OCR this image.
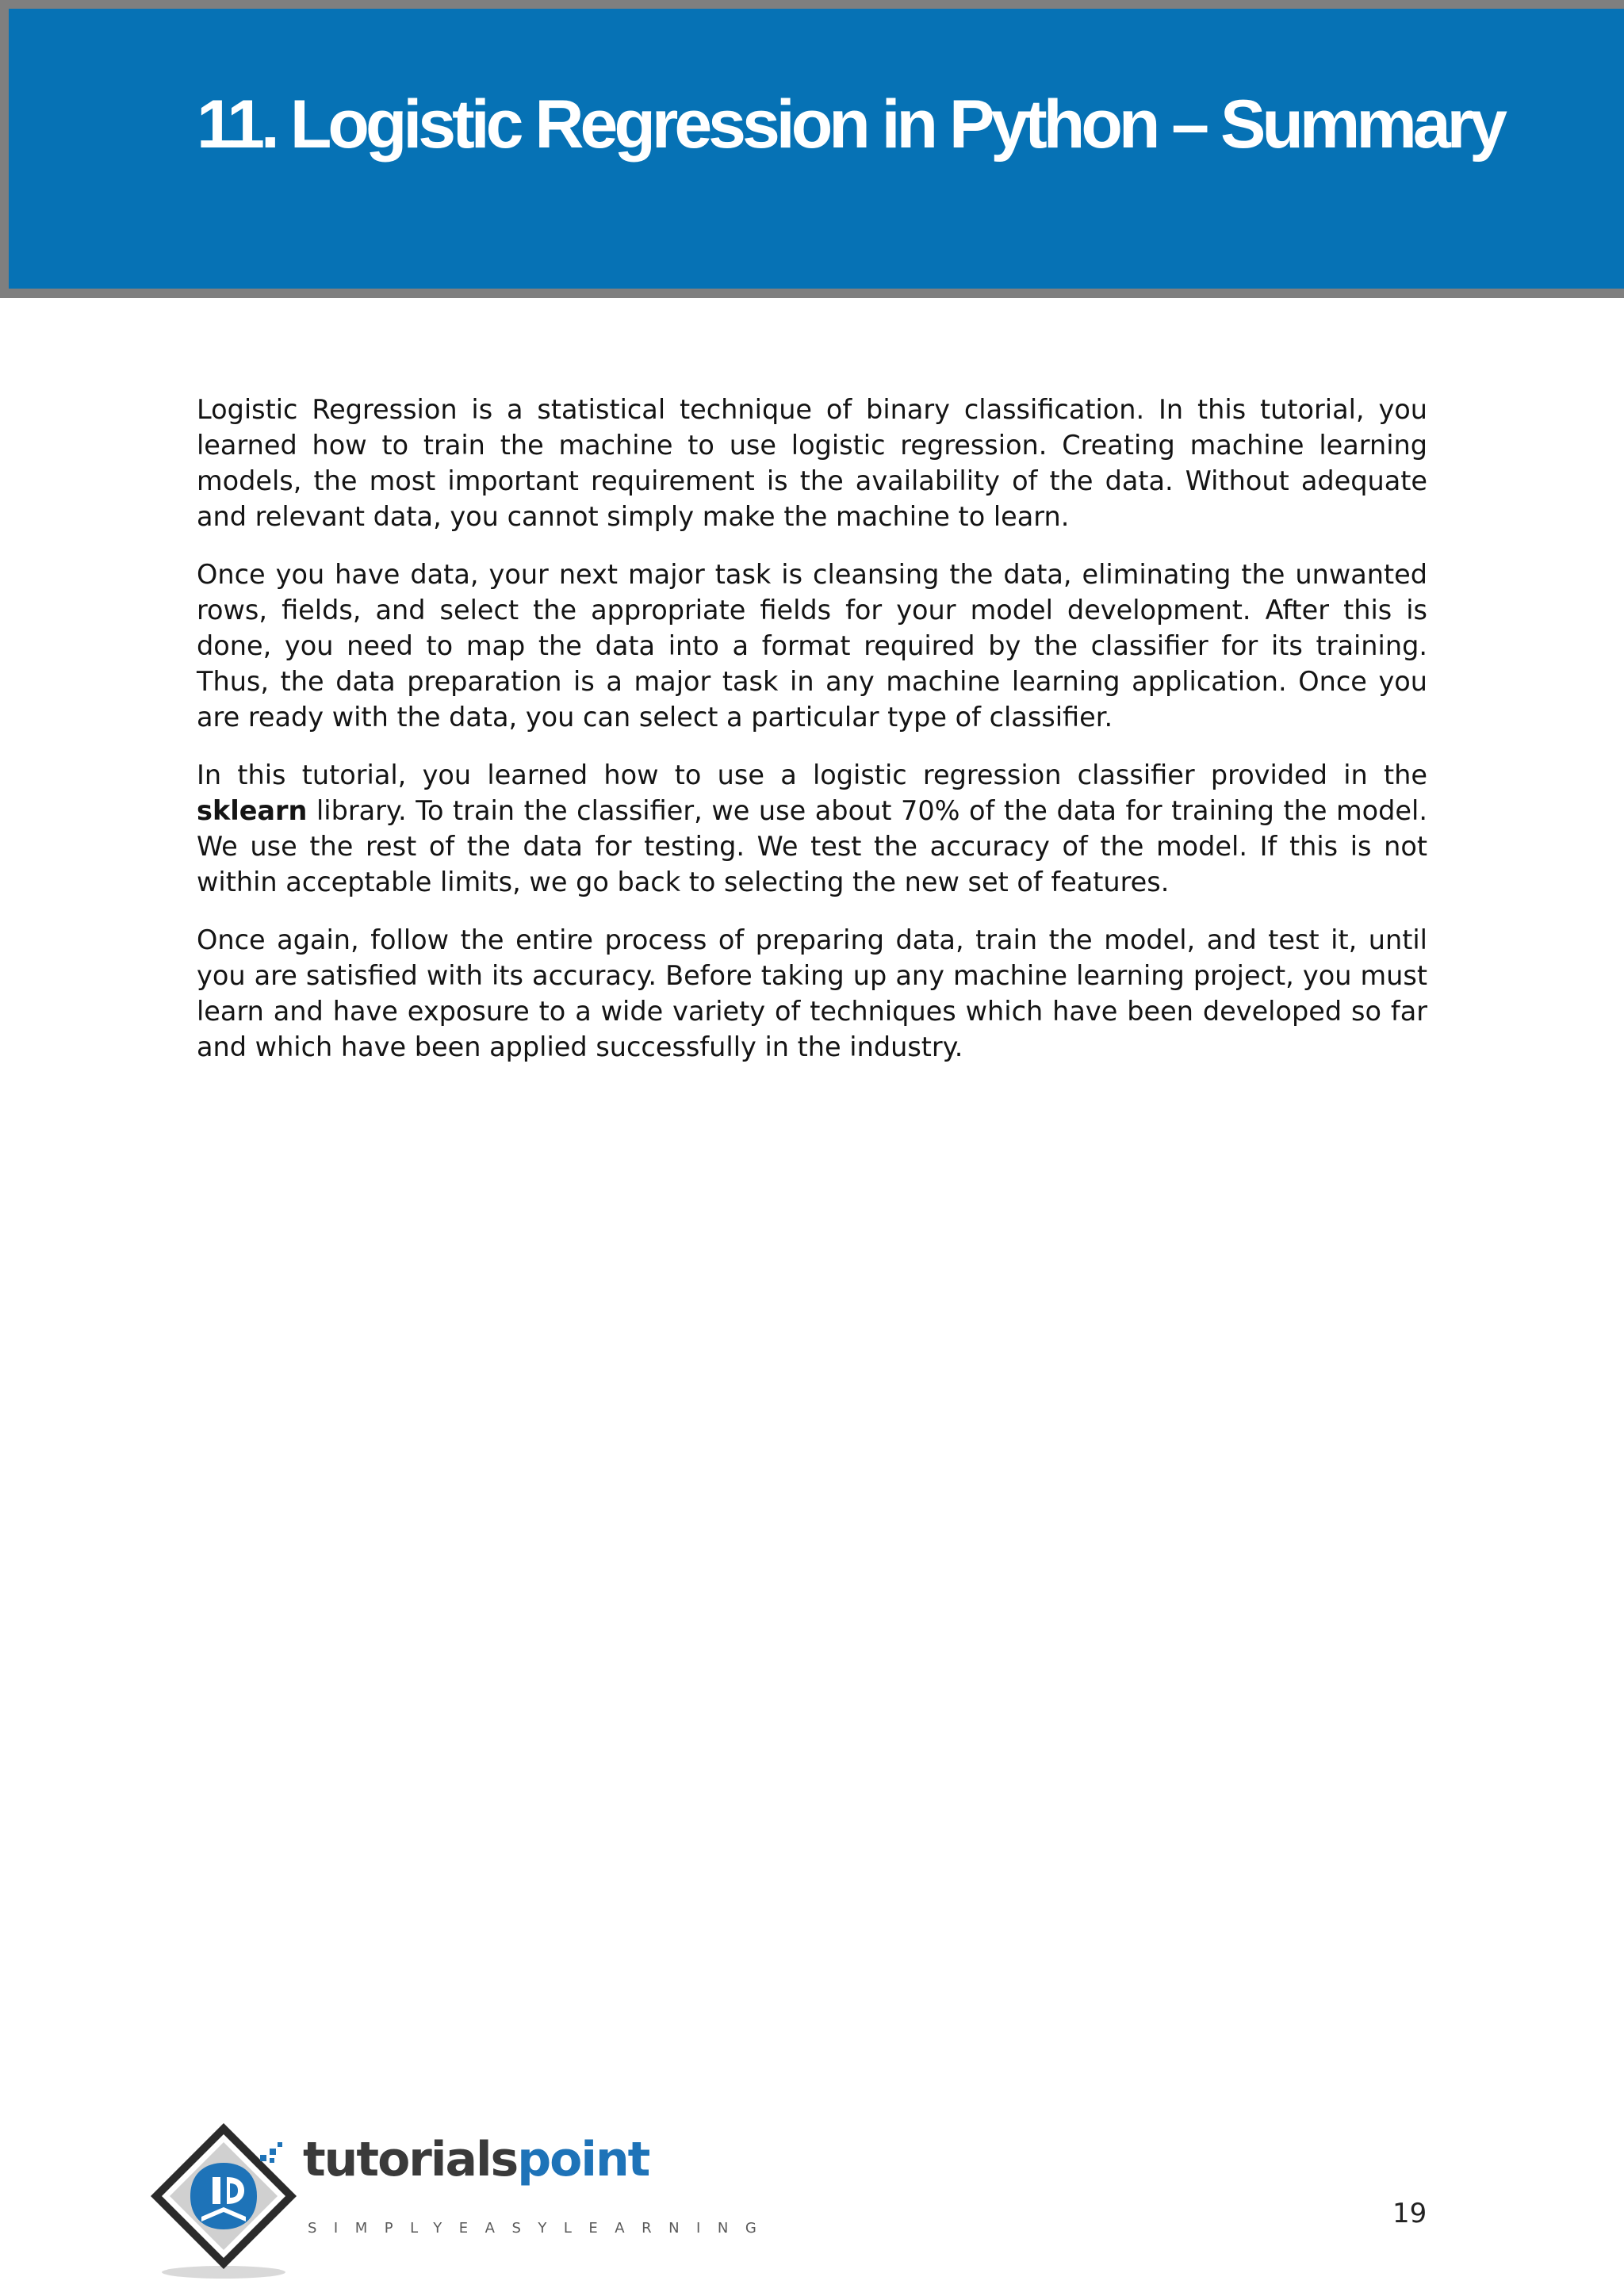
11. Logistic Regression in Python – Summary

Logistic Regression is a statistical technique of binary classification. In this tutorial, you learned how to train the machine to use logistic regression. Creating machine learning models, the most important requirement is the availability of the data. Without adequate and relevant data, you cannot simply make the machine to learn.

Once you have data, your next major task is cleansing the data, eliminating the unwanted rows, fields, and select the appropriate fields for your model development. After this is done, you need to map the data into a format required by the classifier for its training. Thus, the data preparation is a major task in any machine learning application. Once you are ready with the data, you can select a particular type of classifier.

In this tutorial, you learned how to use a logistic regression classifier provided in the sklearn library. To train the classifier, we use about 70% of the data for training the model. We use the rest of the data for testing. We test the accuracy of the model. If this is not within acceptable limits, we go back to selecting the new set of features.

Once again, follow the entire process of preparing data, train the model, and test it, until you are satisfied with its accuracy. Before taking up any machine learning project, you must learn and have exposure to a wide variety of techniques which have been developed so far and which have been applied successfully in the industry.

tutorialspoint
SIMPLYEASYLEARNING	19
